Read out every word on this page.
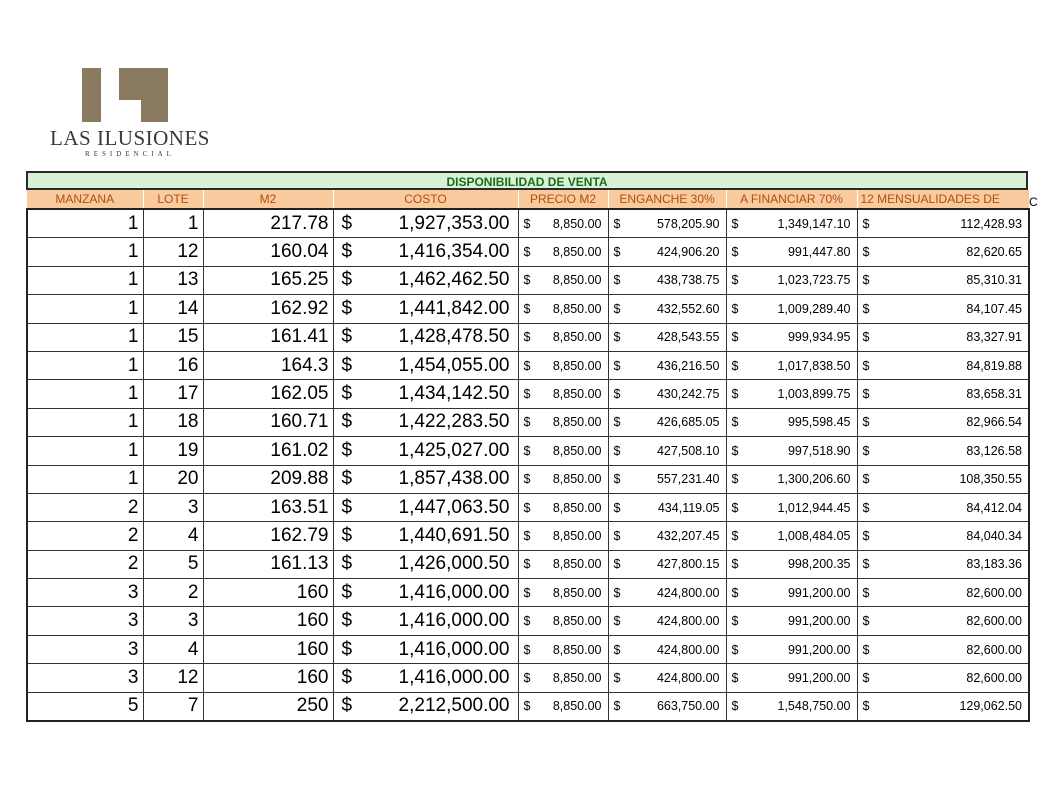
LAS ILUSIONES
RESIDENCIAL
DISPONIBILIDAD DE VENTA
MANZANA	LOTE	M2	COSTO	PRECIO M2	ENGANCHE 30%	A FINANCIAR 70%	12 MENSUALIDADES DE
1	1	217.78	$ 1,927,353.00	$ 8,850.00	$ 578,205.90	$ 1,349,147.10	$ 112,428.93

1	12	160.04	$ 1,416,354.00	$ 8,850.00	$ 424,906.20	$ 991,447.80	$ 82,620.65

1	13	165.25	$ 1,462,462.50	$ 8,850.00	$ 438,738.75	$ 1,023,723.75	$ 85,310.31

1	14	162.92	$ 1,441,842.00	$ 8,850.00	$ 432,552.60	$ 1,009,289.40	$ 84,107.45

1	15	161.41	$ 1,428,478.50	$ 8,850.00	$ 428,543.55	$ 999,934.95	$ 83,327.91

1	16	164.3	$ 1,454,055.00	$ 8,850.00	$ 436,216.50	$ 1,017,838.50	$ 84,819.88

1	17	162.05	$ 1,434,142.50	$ 8,850.00	$ 430,242.75	$ 1,003,899.75	$ 83,658.31

1	18	160.71	$ 1,422,283.50	$ 8,850.00	$ 426,685.05	$ 995,598.45	$ 82,966.54

1	19	161.02	$ 1,425,027.00	$ 8,850.00	$ 427,508.10	$ 997,518.90	$ 83,126.58

1	20	209.88	$ 1,857,438.00	$ 8,850.00	$ 557,231.40	$ 1,300,206.60	$ 108,350.55

2	3	163.51	$ 1,447,063.50	$ 8,850.00	$ 434,119.05	$ 1,012,944.45	$ 84,412.04

2	4	162.79	$ 1,440,691.50	$ 8,850.00	$ 432,207.45	$ 1,008,484.05	$ 84,040.34

2	5	161.13	$ 1,426,000.50	$ 8,850.00	$ 427,800.15	$ 998,200.35	$ 83,183.36

3	2	160	$ 1,416,000.00	$ 8,850.00	$ 424,800.00	$ 991,200.00	$ 82,600.00

3	3	160	$ 1,416,000.00	$ 8,850.00	$ 424,800.00	$ 991,200.00	$ 82,600.00

3	4	160	$ 1,416,000.00	$ 8,850.00	$ 424,800.00	$ 991,200.00	$ 82,600.00

3	12	160	$ 1,416,000.00	$ 8,850.00	$ 424,800.00	$ 991,200.00	$ 82,600.00

5	7	250	$ 2,212,500.00	$ 8,850.00	$ 663,750.00	$ 1,548,750.00	$ 129,062.50
C
